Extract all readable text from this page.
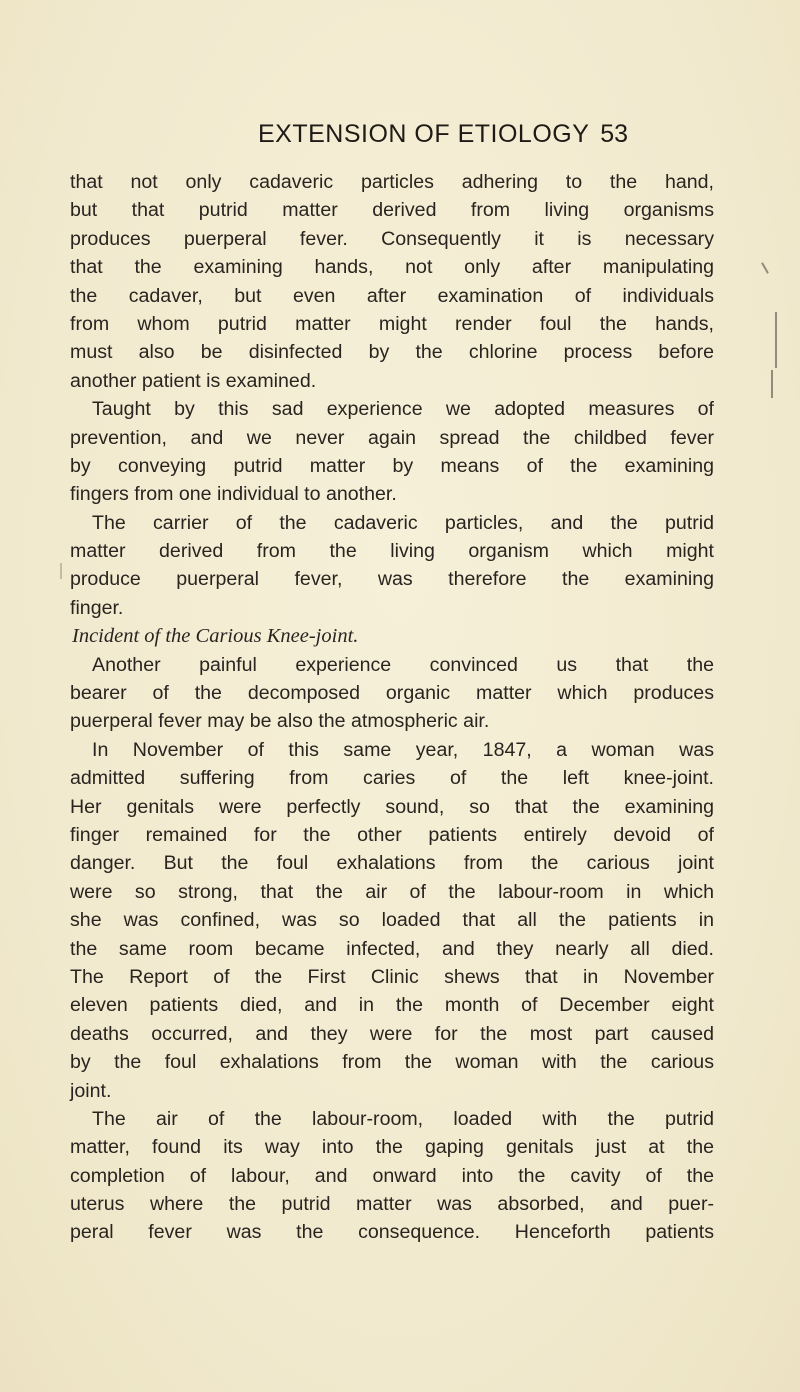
EXTENSION OF ETIOLOGY 53
that not only cadaveric particles adhering to the hand,
but that putrid matter derived from living organisms
produces puerperal fever. Consequently it is necessary
that the examining hands, not only after manipulating
the cadaver, but even after examination of individuals
from whom putrid matter might render foul the hands,
must also be disinfected by the chlorine process before
another patient is examined.
Taught by this sad experience we adopted measures of
prevention, and we never again spread the childbed fever
by conveying putrid matter by means of the examining
fingers from one individual to another.
The carrier of the cadaveric particles, and the putrid
matter derived from the living organism which might
produce puerperal fever, was therefore the examining
finger.
Incident of the Carious Knee-joint.
Another painful experience convinced us that the
bearer of the decomposed organic matter which produces
puerperal fever may be also the atmospheric air.
In November of this same year, 1847, a woman was
admitted suffering from caries of the left knee-joint.
Her genitals were perfectly sound, so that the examining
finger remained for the other patients entirely devoid of
danger. But the foul exhalations from the carious joint
were so strong, that the air of the labour-room in which
she was confined, was so loaded that all the patients in
the same room became infected, and they nearly all died.
The Report of the First Clinic shews that in November
eleven patients died, and in the month of December eight
deaths occurred, and they were for the most part caused
by the foul exhalations from the woman with the carious
joint.
The air of the labour-room, loaded with the putrid
matter, found its way into the gaping genitals just at the
completion of labour, and onward into the cavity of the
uterus where the putrid matter was absorbed, and puer-
peral fever was the consequence. Henceforth patients
